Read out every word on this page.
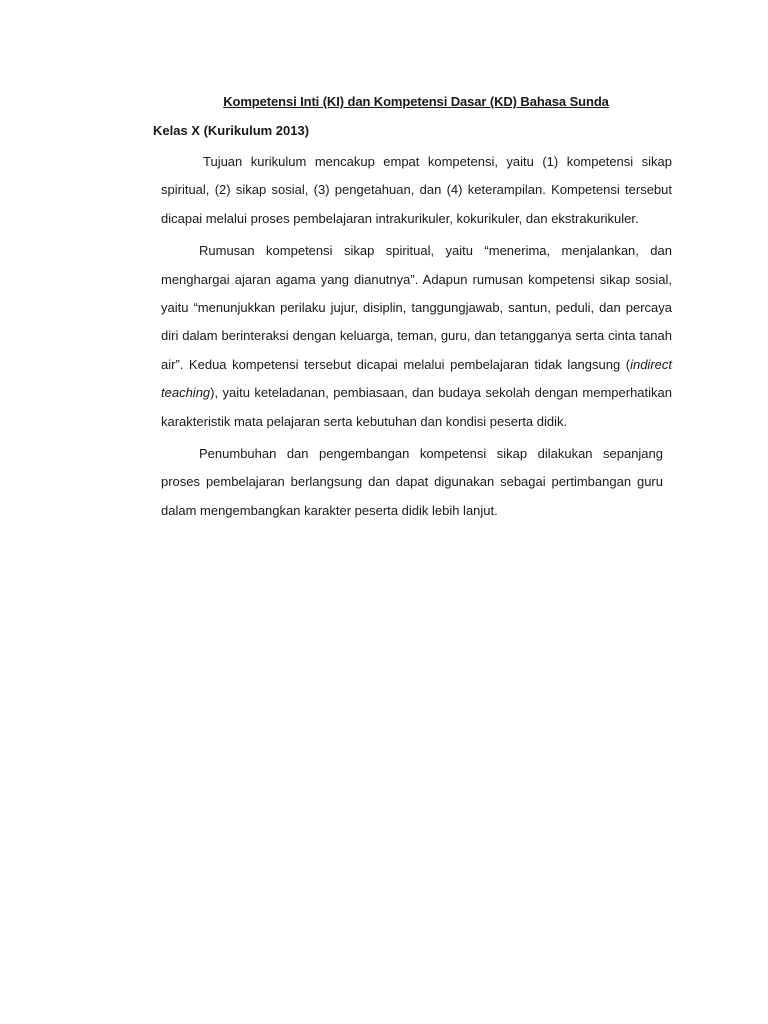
Kompetensi Inti (KI) dan Kompetensi Dasar (KD) Bahasa Sunda
Kelas X (Kurikulum 2013)

Tujuan kurikulum mencakup empat kompetensi, yaitu (1) kompetensi sikap spiritual, (2) sikap sosial, (3) pengetahuan, dan (4) keterampilan. Kompetensi tersebut dicapai melalui proses pembelajaran intrakurikuler, kokurikuler, dan ekstrakurikuler.

Rumusan kompetensi sikap spiritual, yaitu “menerima, menjalankan, dan menghargai ajaran agama yang dianutnya”. Adapun rumusan kompetensi sikap sosial, yaitu “menunjukkan perilaku jujur, disiplin, tanggungjawab, santun, peduli, dan percaya diri dalam berinteraksi dengan keluarga, teman, guru, dan tetangganya serta cinta tanah air”. Kedua kompetensi tersebut dicapai melalui pembelajaran tidak langsung (indirect teaching), yaitu keteladanan, pembiasaan, dan budaya sekolah dengan memperhatikan karakteristik mata pelajaran serta kebutuhan dan kondisi peserta didik.

Penumbuhan dan pengembangan kompetensi sikap dilakukan sepanjang proses pembelajaran berlangsung dan dapat digunakan sebagai pertimbangan guru dalam mengembangkan karakter peserta didik lebih lanjut.
